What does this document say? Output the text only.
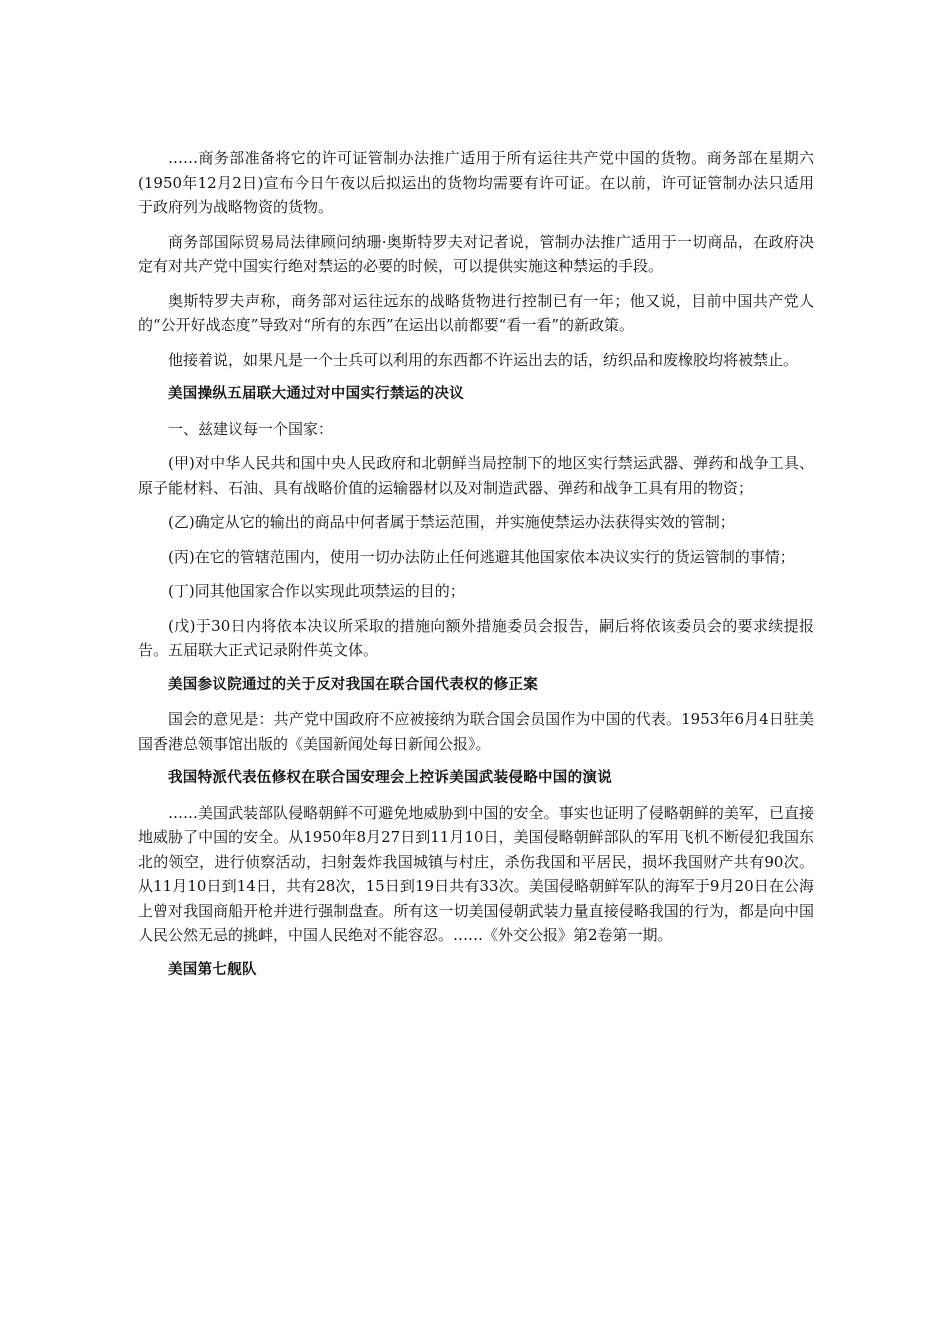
……商务部准备将它的许可证管制办法推广适用于所有运往共产党中国的货物。商务部在星期六(1950年12月2日)宣布今日午夜以后拟运出的货物均需要有许可证。在以前，许可证管制办法只适用于政府列为战略物资的货物。

商务部国际贸易局法律顾问纳珊·奥斯特罗夫对记者说，管制办法推广适用于一切商品，在政府决定有对共产党中国实行绝对禁运的必要的时候，可以提供实施这种禁运的手段。

奥斯特罗夫声称，商务部对运往远东的战略货物进行控制已有一年；他又说，目前中国共产党人的“公开好战态度”导致对“所有的东西”在运出以前都要“看一看”的新政策。

他接着说，如果凡是一个士兵可以利用的东西都不许运出去的话，纺织品和废橡胶均将被禁止。

美国操纵五届联大通过对中国实行禁运的决议

一、兹建议每一个国家：

(甲)对中华人民共和国中央人民政府和北朝鲜当局控制下的地区实行禁运武器、弹药和战争工具、原子能材料、石油、具有战略价值的运输器材以及对制造武器、弹药和战争工具有用的物资；

(乙)确定从它的输出的商品中何者属于禁运范围，并实施使禁运办法获得实效的管制；

(丙)在它的管辖范围内，使用一切办法防止任何逃避其他国家依本决议实行的货运管制的事情；

(丁)同其他国家合作以实现此项禁运的目的；

(戊)于30日内将依本决议所采取的措施向额外措施委员会报告，嗣后将依该委员会的要求续提报告。五届联大正式记录附件英文体。

美国参议院通过的关于反对我国在联合国代表权的修正案

国会的意见是：共产党中国政府不应被接纳为联合国会员国作为中国的代表。1953年6月4日驻美国香港总领事馆出版的《美国新闻处每日新闻公报》。

我国特派代表伍修权在联合国安理会上控诉美国武装侵略中国的演说

……美国武装部队侵略朝鲜不可避免地威胁到中国的安全。事实也证明了侵略朝鲜的美军，已直接地威胁了中国的安全。从1950年8月27日到11月10日，美国侵略朝鲜部队的军用飞机不断侵犯我国东北的领空，进行侦察活动，扫射轰炸我国城镇与村庄，杀伤我国和平居民，损坏我国财产共有90次。从11月10日到14日，共有28次，15日到19日共有33次。美国侵略朝鲜军队的海军于9月20日在公海上曾对我国商船开枪并进行强制盘查。所有这一切美国侵朝武装力量直接侵略我国的行为，都是向中国人民公然无忌的挑衅，中国人民绝对不能容忍。……《外交公报》第2卷第一期。

美国第七舰队
